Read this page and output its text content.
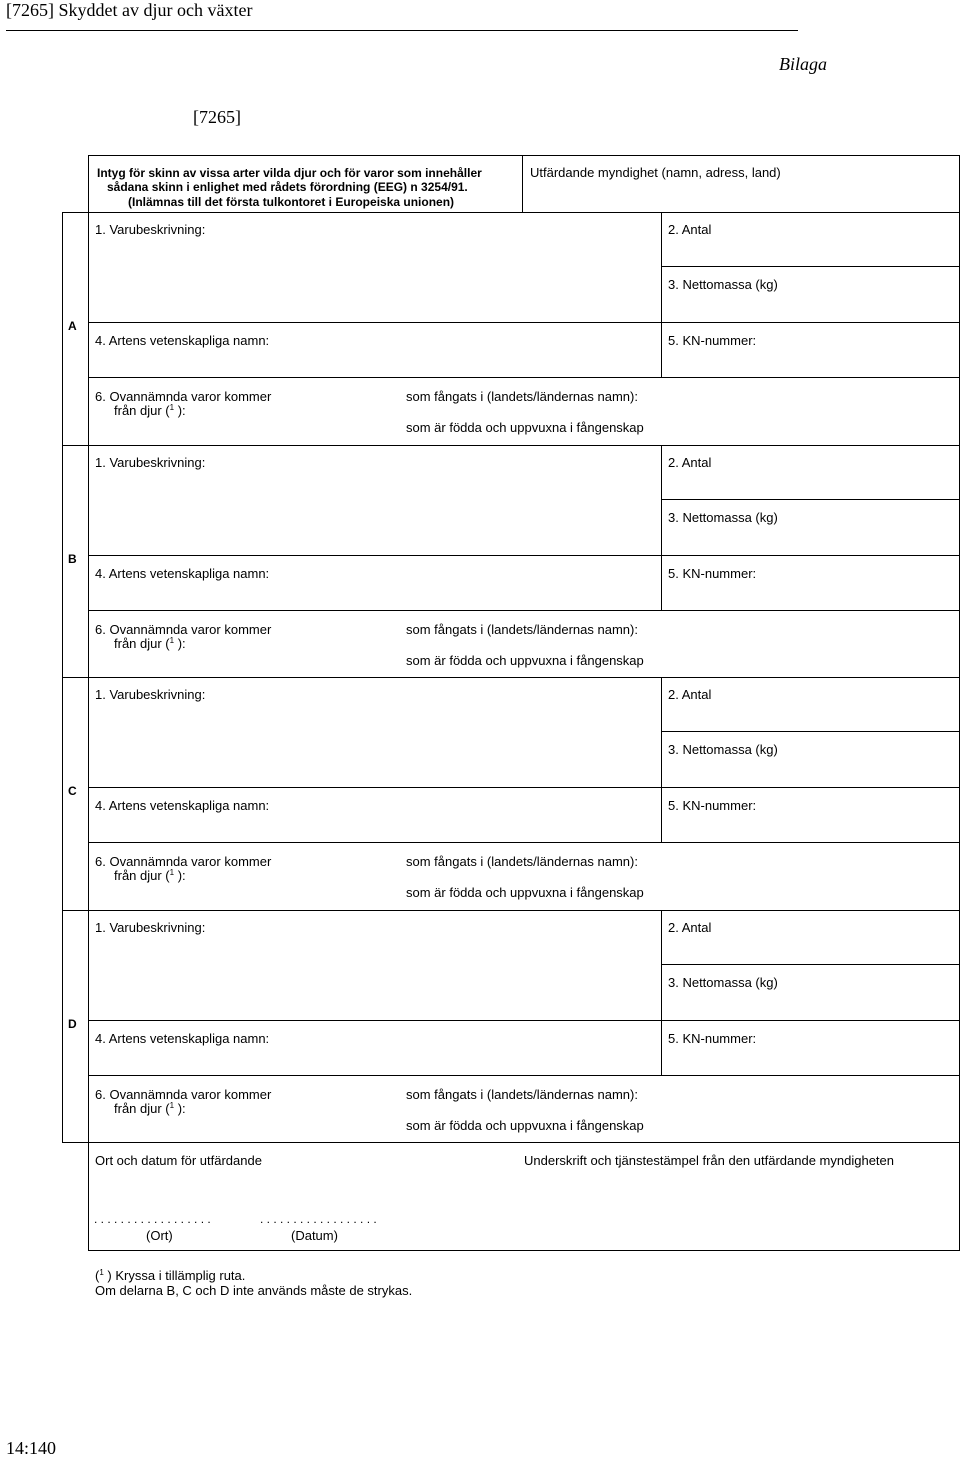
[7265] Skyddet av djur och växter
Bilaga
[7265]
Intyg för skinn av vissa arter vilda djur och för varor som innehåller
sådana skinn i enlighet med rådets förordning (EEG) n 3254/91.
(Inlämnas till det första tulkontoret i Europeiska unionen)
Utfärdande myndighet (namn, adress, land)
A
1. Varubeskrivning:	2. Antal
3. Nettomassa (kg)
4. Artens vetenskapliga namn:	5. KN-nummer:
6. Ovannämnda varor kommer
från djur ($^1$ ):
som fångats i (landets/ländernas namn):
som är födda och uppvuxna i fångenskap
B
1. Varubeskrivning:	2. Antal
3. Nettomassa (kg)
4. Artens vetenskapliga namn:	5. KN-nummer:
6. Ovannämnda varor kommer
från djur ($^1$ ):
som fångats i (landets/ländernas namn):
som är födda och uppvuxna i fångenskap
C
1. Varubeskrivning:	2. Antal
3. Nettomassa (kg)
4. Artens vetenskapliga namn:	5. KN-nummer:
6. Ovannämnda varor kommer
från djur ($^1$ ):
som fångats i (landets/ländernas namn):
som är födda och uppvuxna i fångenskap
D
1. Varubeskrivning:	2. Antal
3. Nettomassa (kg)
4. Artens vetenskapliga namn:	5. KN-nummer:
6. Ovannämnda varor kommer
från djur ($^1$ ):
som fångats i (landets/ländernas namn):
som är födda och uppvuxna i fångenskap
Ort och datum för utfärdande	Underskrift och tjänstestämpel från den utfärdande myndigheten
. . . . . . . . . . . . . . . . . .	. . . . . . . . . . . . . . . . . .
(Ort)	(Datum)
($^1$ ) Kryssa i tillämplig ruta.
Om delarna B, C och D inte används måste de strykas.
14:140
